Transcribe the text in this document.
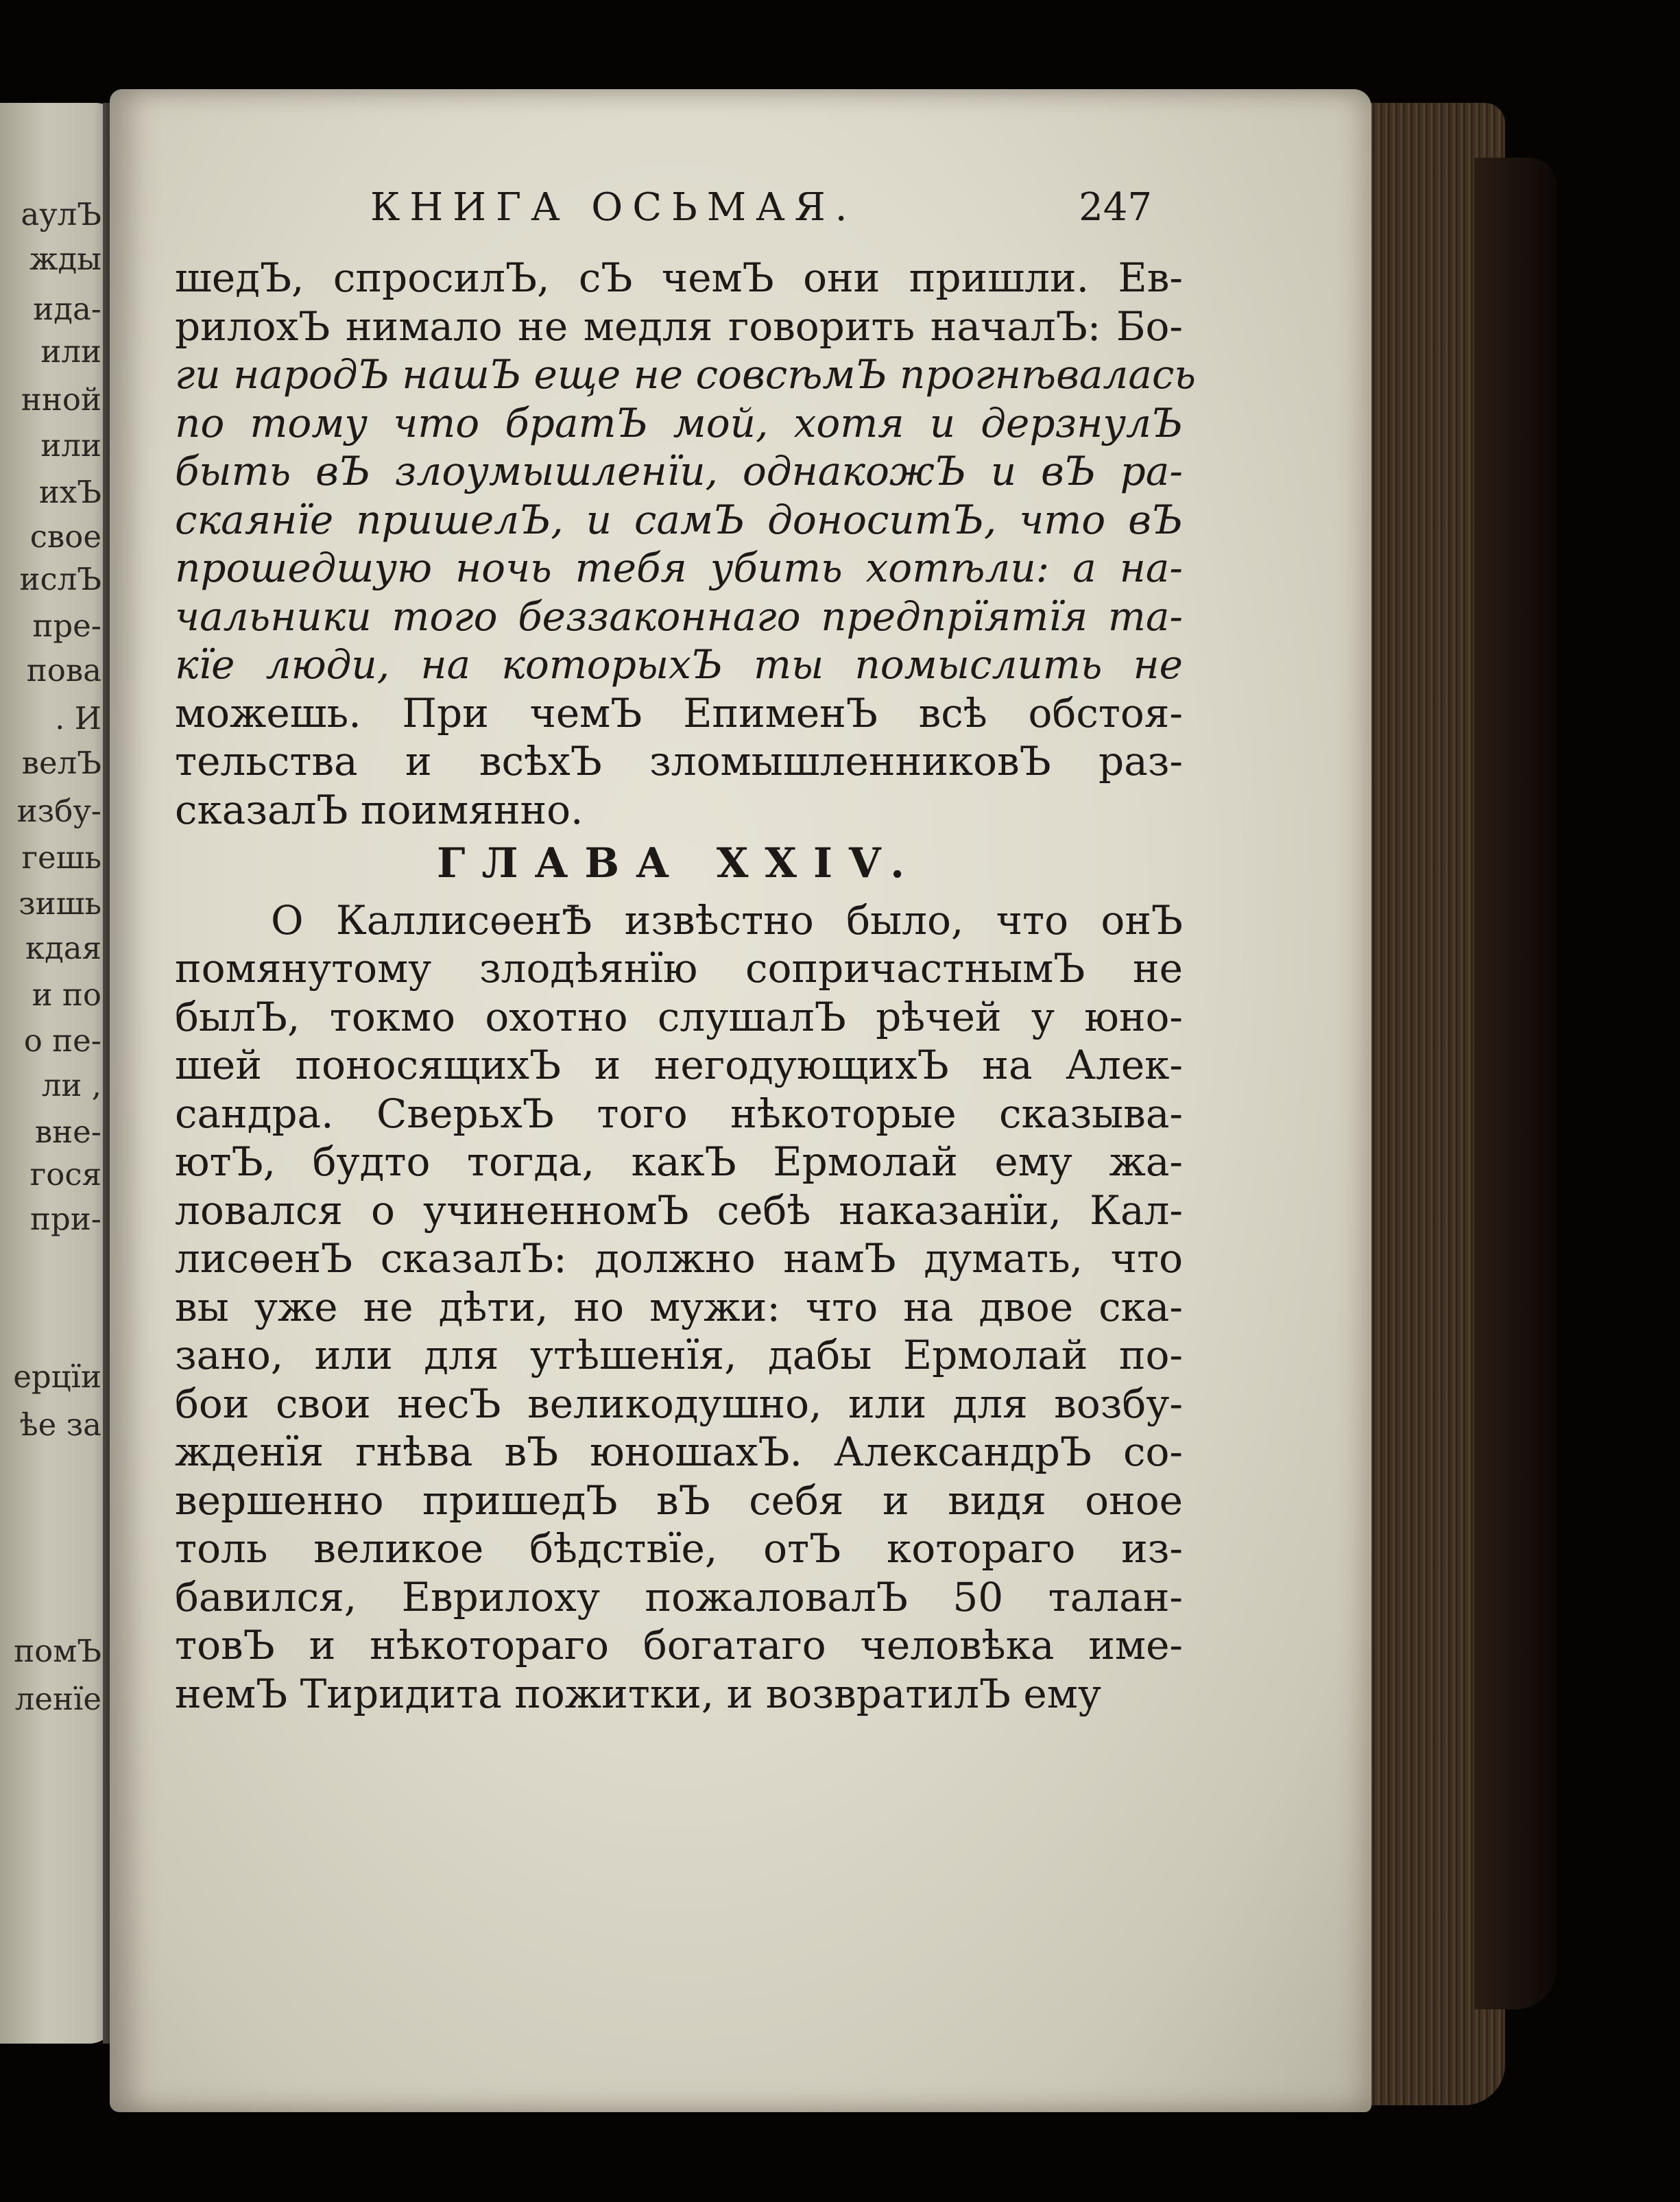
аулЪ
жды
ида-
или
нной
или
ихЪ
свое
ислЪ
пре-
пова
. И
велЪ
избу-
гешь
зишь
кдая
и по
о пе-
ли ,
вне-
гося
при-
ерцїи
ѣе за
помЪ
ленїе
КНИГА ОСЬМАЯ.	247
шедЪ, спросилЪ, сЪ чемЪ они пришли. Ев-
рилохЪ нималo не медля говорить началЪ: Бо-
ги народЪ нашЪ еще не совсѣмЪ прогнѣвалась
по тому что братЪ мой, хотя и дерзнулЪ
быть вЪ злоумышленїи, однакожЪ и вЪ ра-
скаянїе пришелЪ, и самЪ доноситЪ, что вЪ
прошедшую ночь тебя убить хотѣли: а на-
чальники того беззаконнаго предпрїятїя та-
кїе люди, на которыхЪ ты помыслить не
можешь. При чемЪ ЕпименЪ всѣ обстоя-
тельства и всѣхЪ зломышленниковЪ раз-
сказалЪ поимянно.
ГЛАВА XXIV.
О КаллисѳенѢ извѣстно было, что онЪ
помянутому злодѣянїю сопричастнымЪ не
былЪ, токмо охотно слушалЪ рѣчей у юно-
шей поносящихЪ и негодующихЪ на Алек-
сандра. СверьхЪ того нѣкоторые сказыва-
ютЪ, будто тогда, какЪ Ермолай ему жа-
ловался о учиненномЪ себѣ наказанїи, Кал-
лисѳенЪ сказалЪ: должно намЪ думать, что
вы уже не дѣти, но мужи: что на двое ска-
зано, или для утѣшенїя, дабы Ермолай по-
бои свои несЪ великодушно, или для возбу-
жденїя гнѣва вЪ юношахЪ. АлександрЪ со-
вершенно пришедЪ вЪ себя и видя оное
толь великое бѣдствїе, отЪ котораго из-
бавился, Еврилоху пожаловалЪ 50 талан-
товЪ и нѣкотораго богатаго человѣка име-
немЪ Тиридита пожитки, и возвратилЪ ему
